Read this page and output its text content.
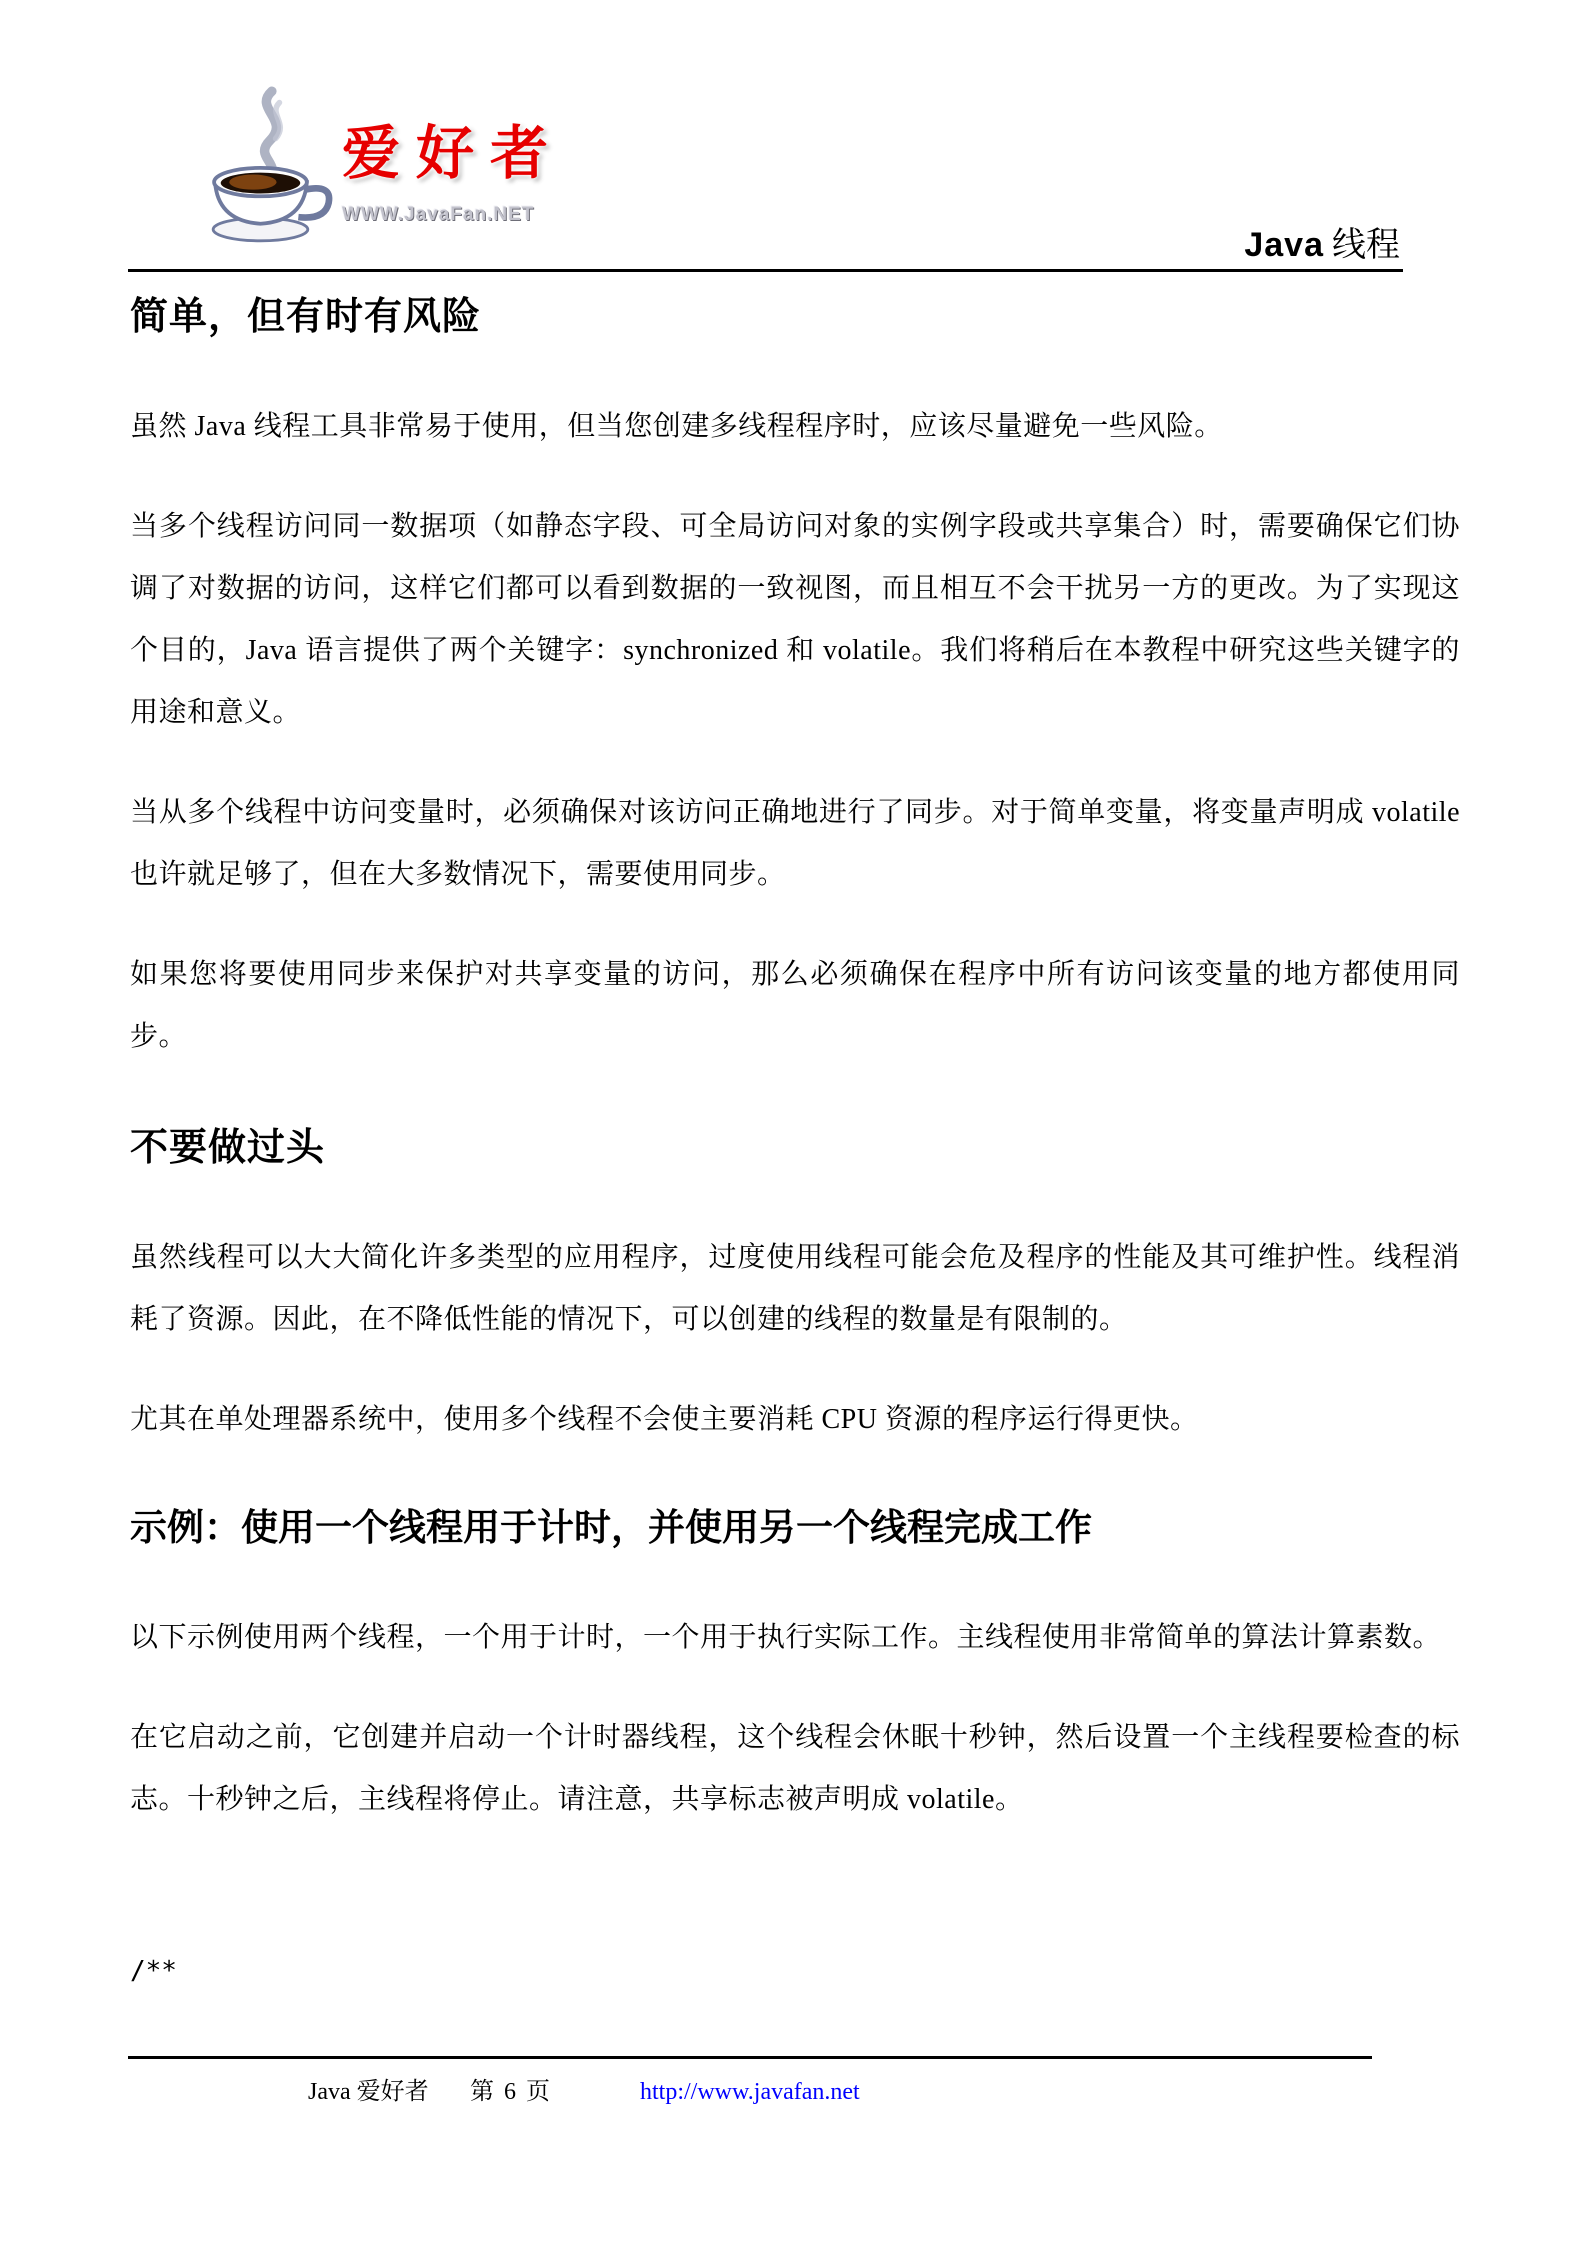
爱好者
WWW.JavaFan.NET
Java 线程
简单，但有时有风险

虽然 Java 线程工具非常易于使用，但当您创建多线程程序时，应该尽量避免一些风险。

当多个线程访问同一数据项（如静态字段、可全局访问对象的实例字段或共享集合）时，需要确保它们协调了对数据的访问，这样它们都可以看到数据的一致视图，而且相互不会干扰另一方的更改。为了实现这个目的，Java 语言提供了两个关键字：synchronized 和 volatile。我们将稍后在本教程中研究这些关键字的用途和意义。

当从多个线程中访问变量时，必须确保对该访问正确地进行了同步。对于简单变量，将变量声明成 volatile 也许就足够了，但在大多数情况下，需要使用同步。

如果您将要使用同步来保护对共享变量的访问，那么必须确保在程序中所有访问该变量的地方都使用同步。

不要做过头

虽然线程可以大大简化许多类型的应用程序，过度使用线程可能会危及程序的性能及其可维护性。线程消耗了资源。因此，在不降低性能的情况下，可以创建的线程的数量是有限制的。

尤其在单处理器系统中，使用多个线程不会使主要消耗 CPU 资源的程序运行得更快。

示例：使用一个线程用于计时，并使用另一个线程完成工作

以下示例使用两个线程，一个用于计时，一个用于执行实际工作。主线程使用非常简单的算法计算素数。

在它启动之前，它创建并启动一个计时器线程，这个线程会休眠十秒钟，然后设置一个主线程要检查的标志。十秒钟之后，主线程将停止。请注意，共享标志被声明成 volatile。

/**
Java 爱好者 第 6 页	http://www.javafan.net
